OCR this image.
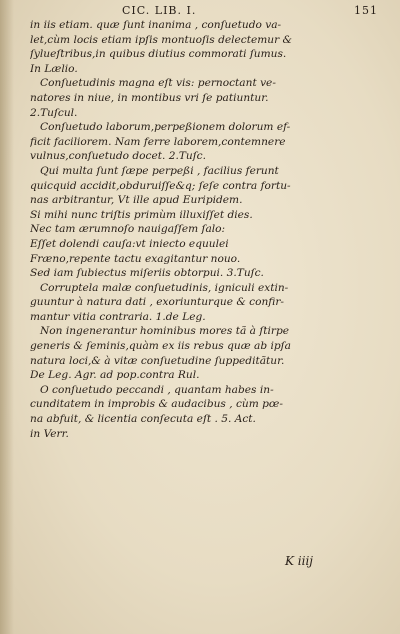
CIC. LIB. I.	151
in iis etiam. quæ ſunt inanima , conſuetudo va-
let,cùm locis etiam ipſis montuoſis delectemur &
ſylueſtribus,in quibus diutius commorati ſumus.
In Lælio.
Conſuetudinis magna eſt vis: pernoctant ve-
natores in niue, in montibus vri ſe patiuntur.
2.Tuſcul.
Conſuetudo laborum,perpeßionem dolorum ef-
ficit faciliorem. Nam ferre laborem,contemnere
vulnus,conſuetudo docet. 2.Tuſc.
Qui multa ſunt ſæpe perpeßi , facilius ferunt
quicquid accidit,obduruiſſe&q; ſeſe contra fortu-
nas arbitrantur, Vt ille apud Euripidem.
Si mihi nunc triſtis primùm illuxiſſet dies.
Nec tam ærumnoſo nauigaſſem ſalo:
Eſſet dolendi cauſa:vt iniecto equulei
Fræno,repente tactu exagitantur nouo.
Sed iam ſubiectus miſeriis obtorpui. 3.Tuſc.
Corruptela malæ conſuetudinis, igniculi extin-
guuntur à natura dati , exoriunturque & confir-
mantur vitia contraria. 1.de Leg.
Non ingenerantur hominibus mores tã à ſtirpe
generis & ſeminis,quàm ex iis rebus quæ ab ipſa
natura loci,& à vitæ conſuetudine ſuppeditãtur.
De Leg. Agr. ad pop.contra Rul.
O conſuetudo peccandi , quantam habes in-
cunditatem in improbis & audacibus , cùm pœ-
na abfuit, & licentia conſecuta eſt . 5. Act.
in Verr.
K iiij
